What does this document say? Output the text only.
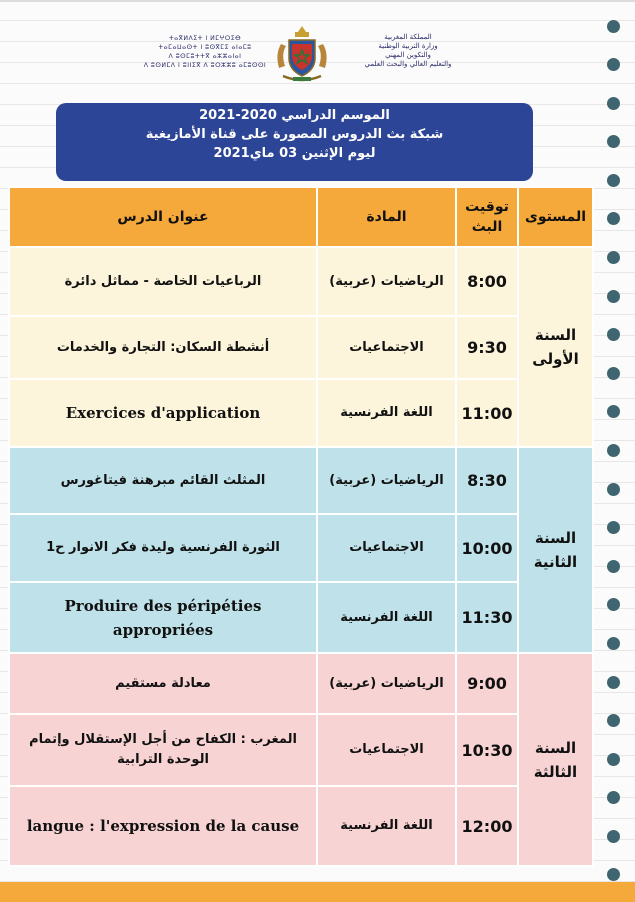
ⵜⴰⴳⵍⴷⵉⵜ ⵏ ⵍⵎⵖⵔⵉⴱ
ⵜⴰⵎⴰⵡⴰⵙⵜ ⵏ ⵓⵙⴳⵎⵉ ⴰⵏⴰⵎⵓ
ⴷ ⵓⵙⵎⵓⵜⵜⴳ ⴰⵣⵣⴰⵏⴰⵏ
ⴷ ⵓⵙⵍⵎⴷ ⵏ ⵓⵏⵏⵉⴳ ⴷ ⵓⵔⵣⵣⵓ ⴰⵎⵓⵙⵙⵏ
المملكة المغربية
وزارة التربية الوطنية
والتكوين المهني
والتعليم العالي والبحث العلمي
الموسم الدراسي 2020-2021
شبكة بث الدروس المصورة على قناة الأمازيغية
ليوم الإثنين 03 ماي2021
المستوى	توقيت البث	المادة	عنوان الدرس
السنة الأولى	8:00	الرياضيات (عربية)	الرباعيات الخاصة - مماثل دائرة
	9:30	الاجتماعيات	أنشطة السكان: التجارة والخدمات
	11:00	اللغة الفرنسية	Exercices d'application
السنة الثانية	8:30	الرياضيات (عربية)	المثلث القائم مبرهنة فيتاغورس
	10:00	الاجتماعيات	الثورة الفرنسية وليدة فكر الانوار ح1
	11:30	اللغة الفرنسية	Produire des péripéties appropriées
السنة الثالثة	9:00	الرياضيات (عربية)	معادلة مستقيم
	10:30	الاجتماعيات	المغرب : الكفاح من أجل الإستقلال وإتمام الوحدة الترابية
	12:00	اللغة الفرنسية	langue : l'expression de la cause
